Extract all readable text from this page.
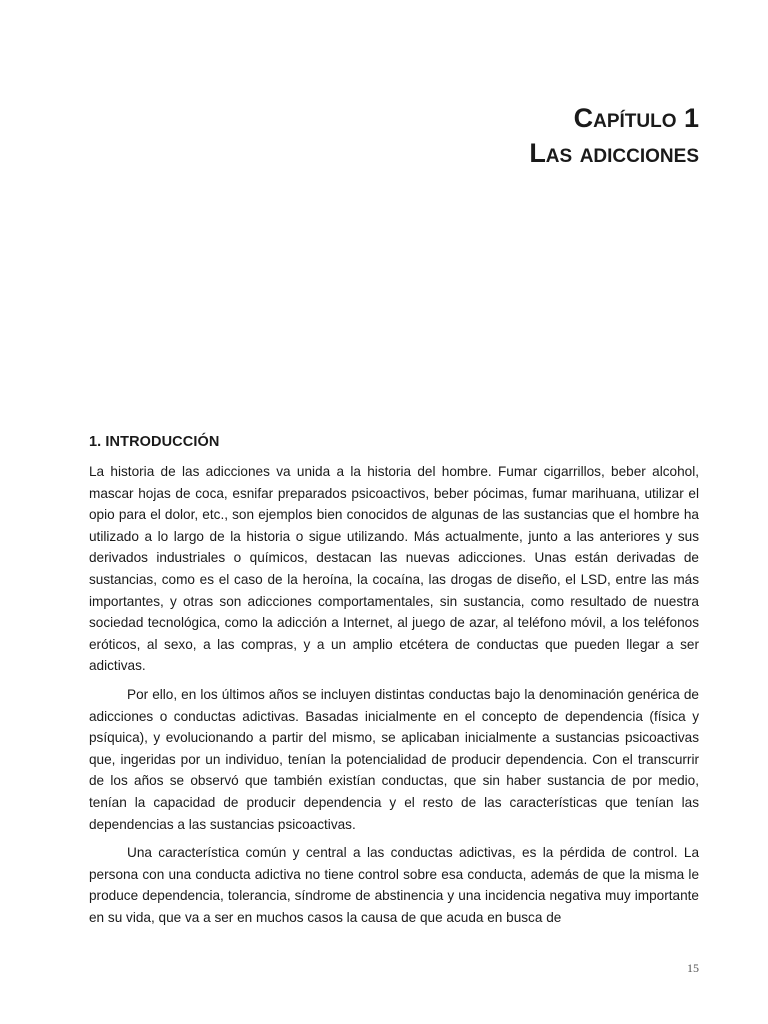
Capítulo 1
Las adicciones
1. INTRODUCCIÓN

La historia de las adicciones va unida a la historia del hombre. Fumar cigarrillos, beber alcohol, mascar hojas de coca, esnifar preparados psicoactivos, beber pócimas, fumar marihuana, utilizar el opio para el dolor, etc., son ejemplos bien conocidos de algunas de las sustancias que el hombre ha utilizado a lo largo de la historia o sigue utilizando. Más actualmente, junto a las anteriores y sus derivados industriales o químicos, destacan las nuevas adicciones. Unas están derivadas de sustancias, como es el caso de la heroína, la cocaína, las drogas de diseño, el LSD, entre las más importantes, y otras son adicciones comportamentales, sin sustancia, como resultado de nuestra sociedad tecnológica, como la adicción a Internet, al juego de azar, al teléfono móvil, a los teléfonos eróticos, al sexo, a las compras, y a un amplio etcétera de conductas que pueden llegar a ser adictivas.

Por ello, en los últimos años se incluyen distintas conductas bajo la denominación genérica de adicciones o conductas adictivas. Basadas inicialmente en el concepto de dependencia (física y psíquica), y evolucionando a partir del mismo, se aplicaban inicialmente a sustancias psicoactivas que, ingeridas por un individuo, tenían la potencialidad de producir dependencia. Con el transcurrir de los años se observó que también existían conductas, que sin haber sustancia de por medio, tenían la capacidad de producir dependencia y el resto de las características que tenían las dependencias a las sustancias psicoactivas.

Una característica común y central a las conductas adictivas, es la pérdida de control. La persona con una conducta adictiva no tiene control sobre esa conducta, además de que la misma le produce dependencia, tolerancia, síndrome de abstinencia y una incidencia negativa muy importante en su vida, que va a ser en muchos casos la causa de que acuda en busca de

15
